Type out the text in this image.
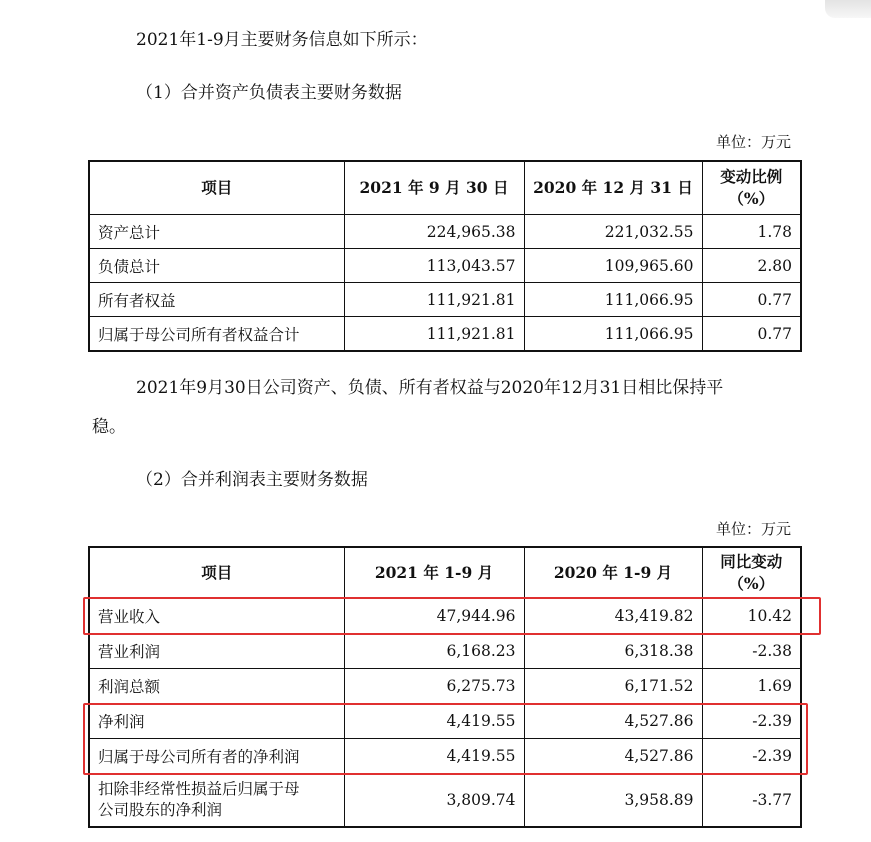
2021年1-9月主要财务信息如下所示：

（1）合并资产负债表主要财务数据

单位：万元
项目	2021 年 9 月 30 日	2020 年 12 月 31 日	变动比例
（%）
资产总计	224,965.38	221,032.55	1.78
负债总计	113,043.57	109,965.60	2.80
所有者权益	111,921.81	111,066.95	0.77
归属于母公司所有者权益合计	111,921.81	111,066.95	0.77

2021年9月30日公司资产、负债、所有者权益与2020年12月31日相比保持平

稳。

（2）合并利润表主要财务数据

单位：万元
项目	2021 年 1-9 月	2020 年 1-9 月	同比变动
（%）
营业收入	47,944.96	43,419.82	10.42
营业利润	6,168.23	6,318.38	-2.38
利润总额	6,275.73	6,171.52	1.69
净利润	4,419.55	4,527.86	-2.39
归属于母公司所有者的净利润	4,419.55	4,527.86	-2.39
扣除非经常性损益后归属于母
公司股东的净利润	3,809.74	3,958.89	-3.77
